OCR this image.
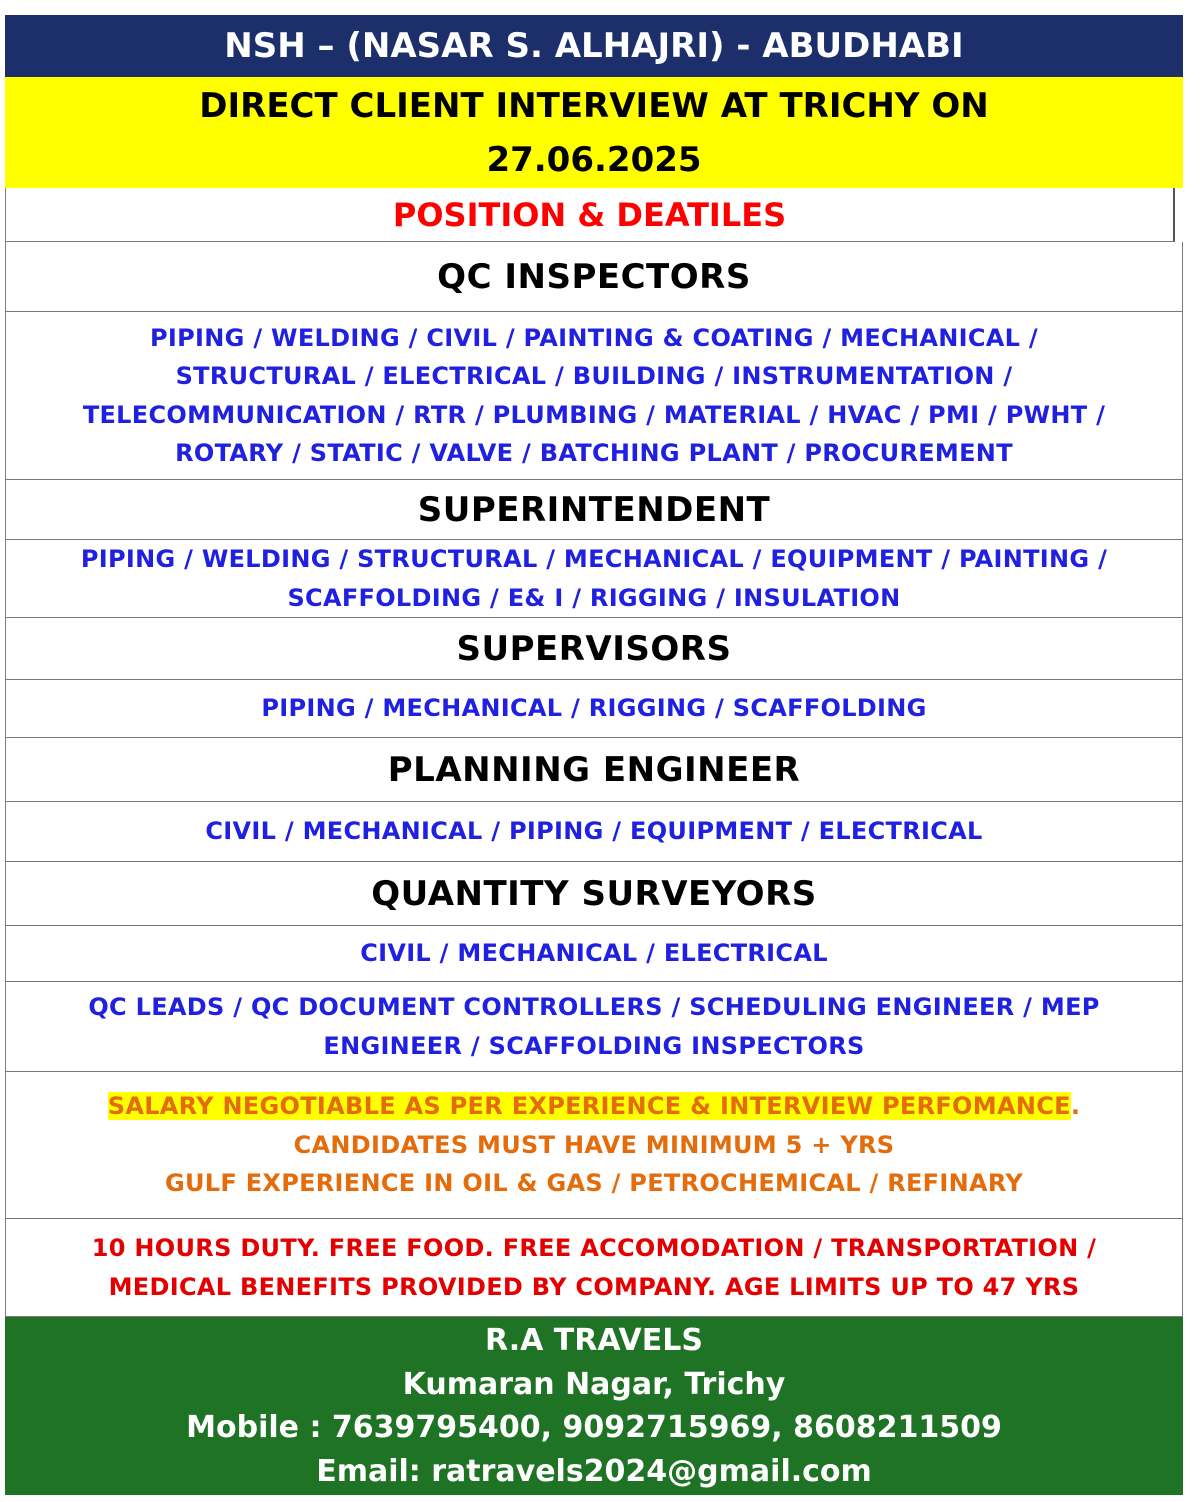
NSH – (NASAR S. ALHAJRI) - ABUDHABI

DIRECT CLIENT INTERVIEW AT TRICHY ON

27.06.2025

POSITION & DEATILES

QC INSPECTORS

PIPING / WELDING / CIVIL / PAINTING & COATING / MECHANICAL /

STRUCTURAL / ELECTRICAL / BUILDING / INSTRUMENTATION /

TELECOMMUNICATION / RTR / PLUMBING / MATERIAL / HVAC / PMI / PWHT /

ROTARY / STATIC / VALVE / BATCHING PLANT / PROCUREMENT

SUPERINTENDENT

PIPING / WELDING / STRUCTURAL / MECHANICAL / EQUIPMENT / PAINTING /

SCAFFOLDING / E& I / RIGGING / INSULATION

SUPERVISORS

PIPING / MECHANICAL / RIGGING / SCAFFOLDING

PLANNING ENGINEER

CIVIL / MECHANICAL / PIPING / EQUIPMENT / ELECTRICAL

QUANTITY SURVEYORS

CIVIL / MECHANICAL / ELECTRICAL

QC LEADS / QC DOCUMENT CONTROLLERS / SCHEDULING ENGINEER / MEP

ENGINEER / SCAFFOLDING INSPECTORS

SALARY NEGOTIABLE AS PER EXPERIENCE & INTERVIEW PERFOMANCE.

CANDIDATES MUST HAVE MINIMUM 5 + YRS

GULF EXPERIENCE IN OIL & GAS / PETROCHEMICAL / REFINARY

10 HOURS DUTY. FREE FOOD. FREE ACCOMODATION / TRANSPORTATION /

MEDICAL BENEFITS PROVIDED BY COMPANY. AGE LIMITS UP TO 47 YRS

R.A TRAVELS

Kumaran Nagar, Trichy

Mobile : 7639795400, 9092715969, 8608211509

Email: ratravels2024@gmail.com
